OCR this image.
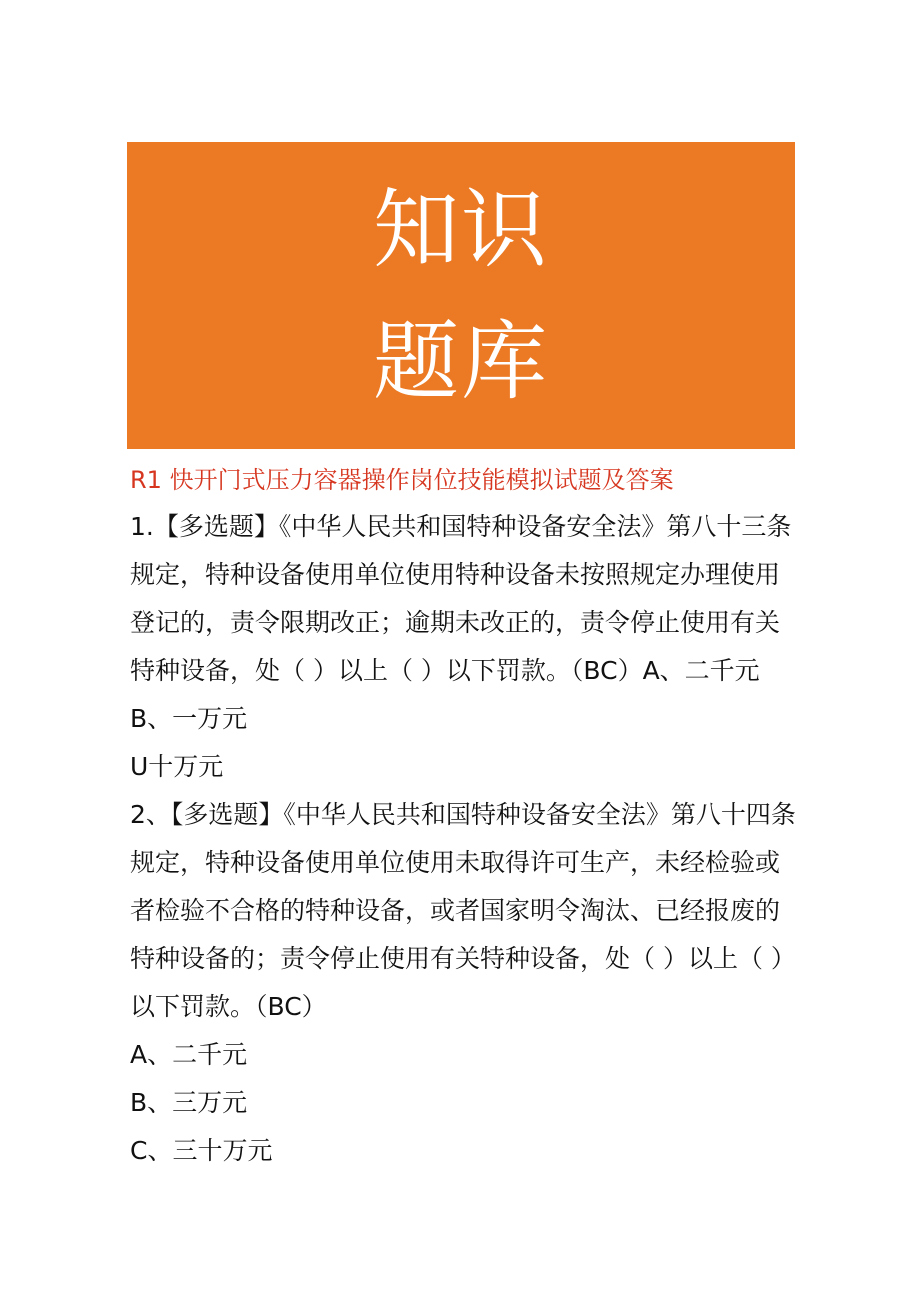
知识
题库
R1 快开门式压力容器操作岗位技能模拟试题及答案

1.【多选题】《中华人民共和国特种设备安全法》第八十三条规定，特种设备使用单位使用特种设备未按照规定办理使用登记的，责令限期改正；逾期未改正的，责令停止使用有关特种设备，处（ ）以上（ ）以下罚款。（BC）A、二千元

B、一万元

U十万元

2、【多选题】《中华人民共和国特种设备安全法》第八十四条规定，特种设备使用单位使用未取得许可生产，未经检验或者检验不合格的特种设备，或者国家明令淘汰、已经报废的特种设备的；责令停止使用有关特种设备，处（ ）以上（ ）以下罚款。（BC）

A、二千元

B、三万元

C、三十万元
